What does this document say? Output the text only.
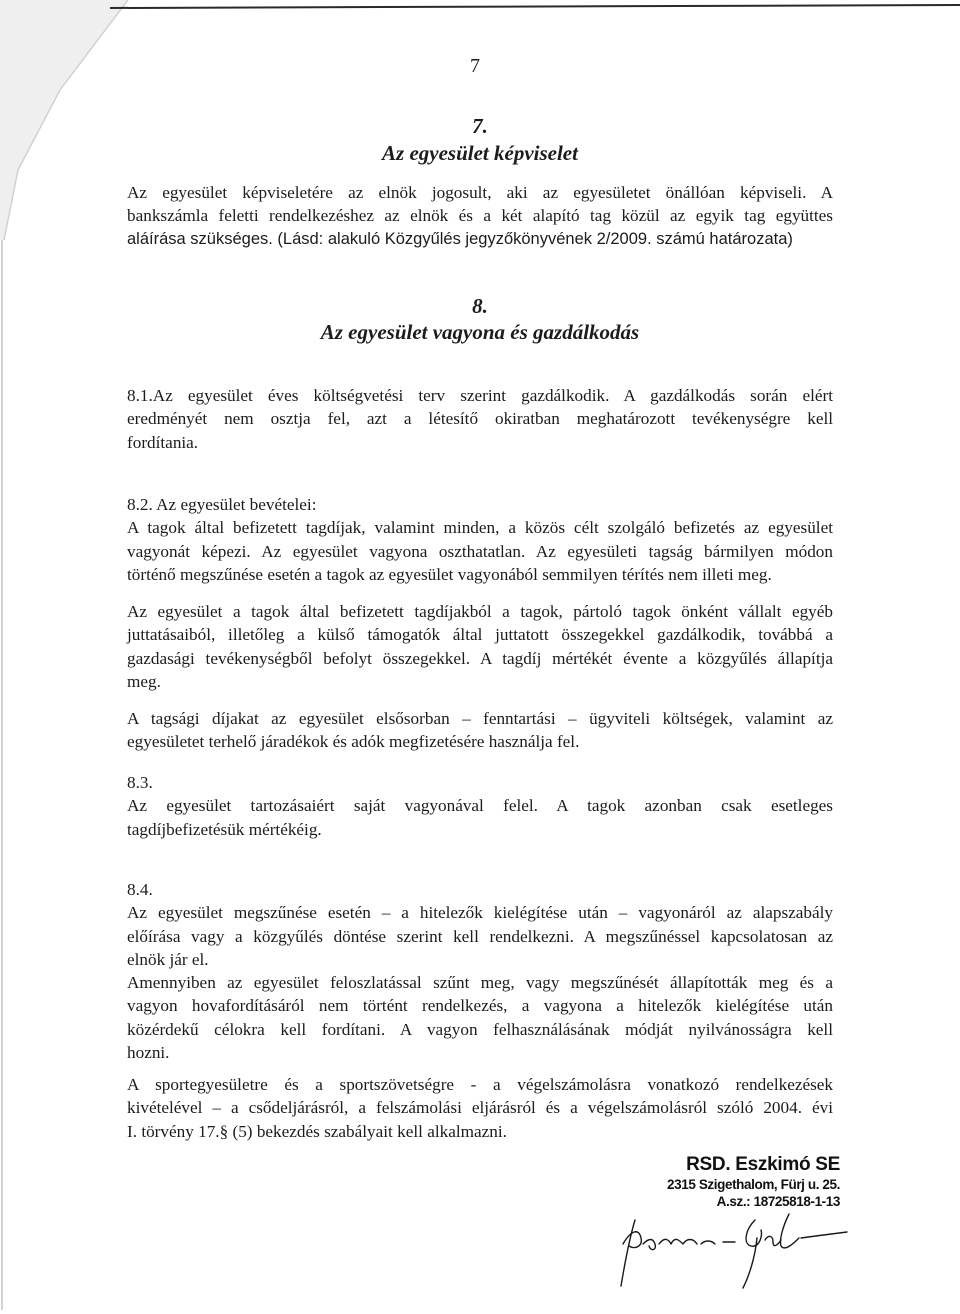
7
7.
Az egyesület képviselet
Az egyesület képviseletére az elnök jogosult, aki az egyesületet önállóan képviseli. A
bankszámla feletti rendelkezéshez az elnök és a két alapító tag közül az egyik tag együttes
aláírása szükséges. (Lásd: alakuló Közgyűlés jegyzőkönyvének 2/2009. számú határozata)
8.
Az egyesület vagyona és gazdálkodás
8.1.Az egyesület éves költségvetési terv szerint gazdálkodik. A gazdálkodás során elért
eredményét nem osztja fel, azt a létesítő okiratban meghatározott tevékenységre kell
fordítania.
8.2. Az egyesület bevételei:
A tagok által befizetett tagdíjak, valamint minden, a közös célt szolgáló befizetés az egyesület
vagyonát képezi. Az egyesület vagyona oszthatatlan. Az egyesületi tagság bármilyen módon
történő megszűnése esetén a tagok az egyesület vagyonából semmilyen térítés nem illeti meg.
Az egyesület a tagok által befizetett tagdíjakból a tagok, pártoló tagok önként vállalt egyéb
juttatásaiból, illetőleg a külső támogatók által juttatott összegekkel gazdálkodik, továbbá a
gazdasági tevékenységből befolyt összegekkel. A tagdíj mértékét évente a közgyűlés állapítja
meg.
A tagsági díjakat az egyesület elsősorban – fenntartási – ügyviteli költségek, valamint az
egyesületet terhelő járadékok és adók megfizetésére használja fel.
8.3.
Az egyesület tartozásaiért saját vagyonával felel. A tagok azonban csak esetleges
tagdíjbefizetésük mértékéig.
8.4.
Az egyesület megszűnése esetén – a hitelezők kielégítése után – vagyonáról az alapszabály
előírása vagy a közgyűlés döntése szerint kell rendelkezni. A megszűnéssel kapcsolatosan az
elnök jár el.
Amennyiben az egyesület feloszlatással szűnt meg, vagy megszűnését állapították meg és a
vagyon hovafordításáról nem történt rendelkezés, a vagyona a hitelezők kielégítése után
közérdekű célokra kell fordítani. A vagyon felhasználásának módját nyilvánosságra kell
hozni.
A sportegyesületre és a sportszövetségre - a végelszámolásra vonatkozó rendelkezések
kivételével – a csődeljárásról, a felszámolási eljárásról és a végelszámolásról szóló 2004. évi
I. törvény 17.§ (5) bekezdés szabályait kell alkalmazni.
RSD. Eszkimó SE
2315 Szigethalom, Fürj u. 25.
A.sz.: 18725818-1-13
